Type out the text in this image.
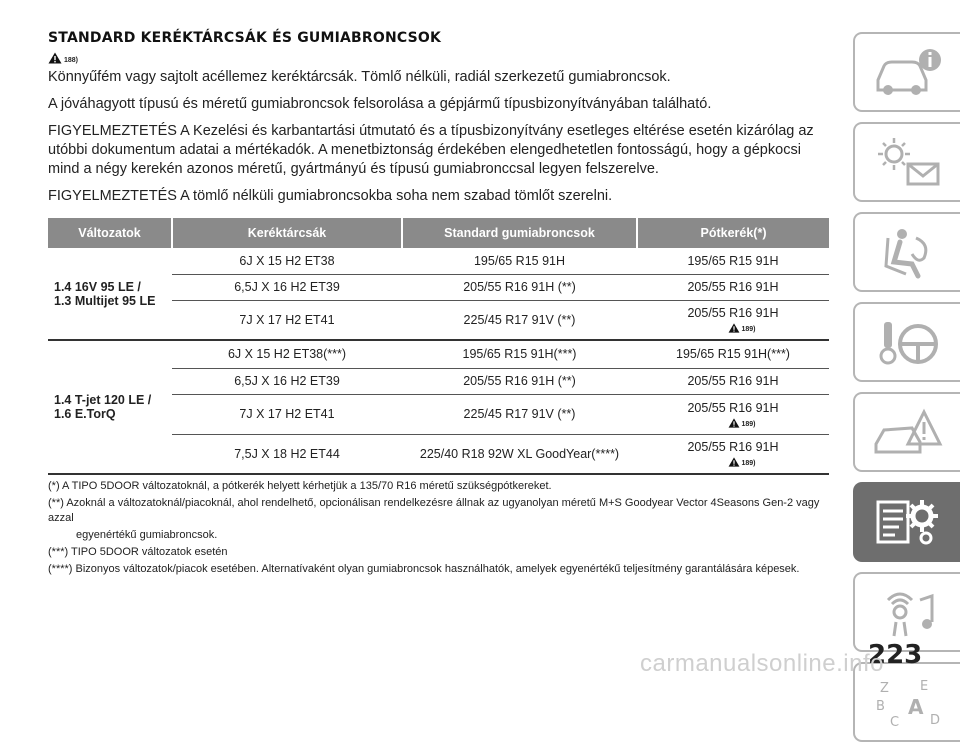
STANDARD KERÉKTÁRCSÁK ÉS GUMIABRONCSOK
188)

Könnyűfém vagy sajtolt acéllemez keréktárcsák. Tömlő nélküli, radiál szerkezetű gumiabroncsok.

A jóváhagyott típusú és méretű gumiabroncsok felsorolása a gépjármű típusbizonyítványában található.

FIGYELMEZTETÉS A Kezelési és karbantartási útmutató és a típusbizonyítvány esetleges eltérése esetén kizárólag az utóbbi dokumentum adatai a mértékadók. A menetbiztonság érdekében elengedhetetlen fontosságú, hogy a gépkocsi mind a négy kerekén azonos méretű, gyártmányú és típusú gumiabronccsal legyen felszerelve.

FIGYELMEZTETÉS A tömlő nélküli gumiabroncsokba soha nem szabad tömlőt szerelni.

Változatok	Keréktárcsák	Standard gumiabroncsok	Pótkerék(*)

1.4 16V 95 LE /
1.3 Multijet 95 LE	6J X 15 H2 ET38	195/65 R15 91H	195/65 R15 91H
	6,5J X 16 H2 ET39	205/55 R16 91H (**)	205/55 R16 91H
	7J X 17 H2 ET41	225/45 R17 91V (**)	205/55 R16 91H
189)

1.4 T-jet 120 LE /
1.6 E.TorQ	6J X 15 H2 ET38(***)	195/65 R15 91H(***)	195/65 R15 91H(***)
	6,5J X 16 H2 ET39	205/55 R16 91H (**)	205/55 R16 91H
	7J X 17 H2 ET41	225/45 R17 91V (**)	205/55 R16 91H
189)

	7,5J X 18 H2 ET44	225/40 R18 92W XL GoodYear(****)	205/55 R16 91H
189)
(*) A TIPO 5DOOR változatoknál, a pótkerék helyett kérhetjük a 135/70 R16 méretű szükségpótkereket.
(**) Azoknál a változatoknál/piacoknál, ahol rendelhető, opcionálisan rendelkezésre állnak az ugyanolyan méretű M+S Goodyear Vector 4Seasons Gen-2 vagy azzal
egyenértékű gumiabroncsok.
(***) TIPO 5DOOR változatok esetén
(****) Bizonyos változatok/piacok esetében. Alternatívaként olyan gumiabroncsok használhatók, amelyek egyenértékű teljesítmény garantálására képesek.
Z E
B A
C D
223
carmanualsonline.info
